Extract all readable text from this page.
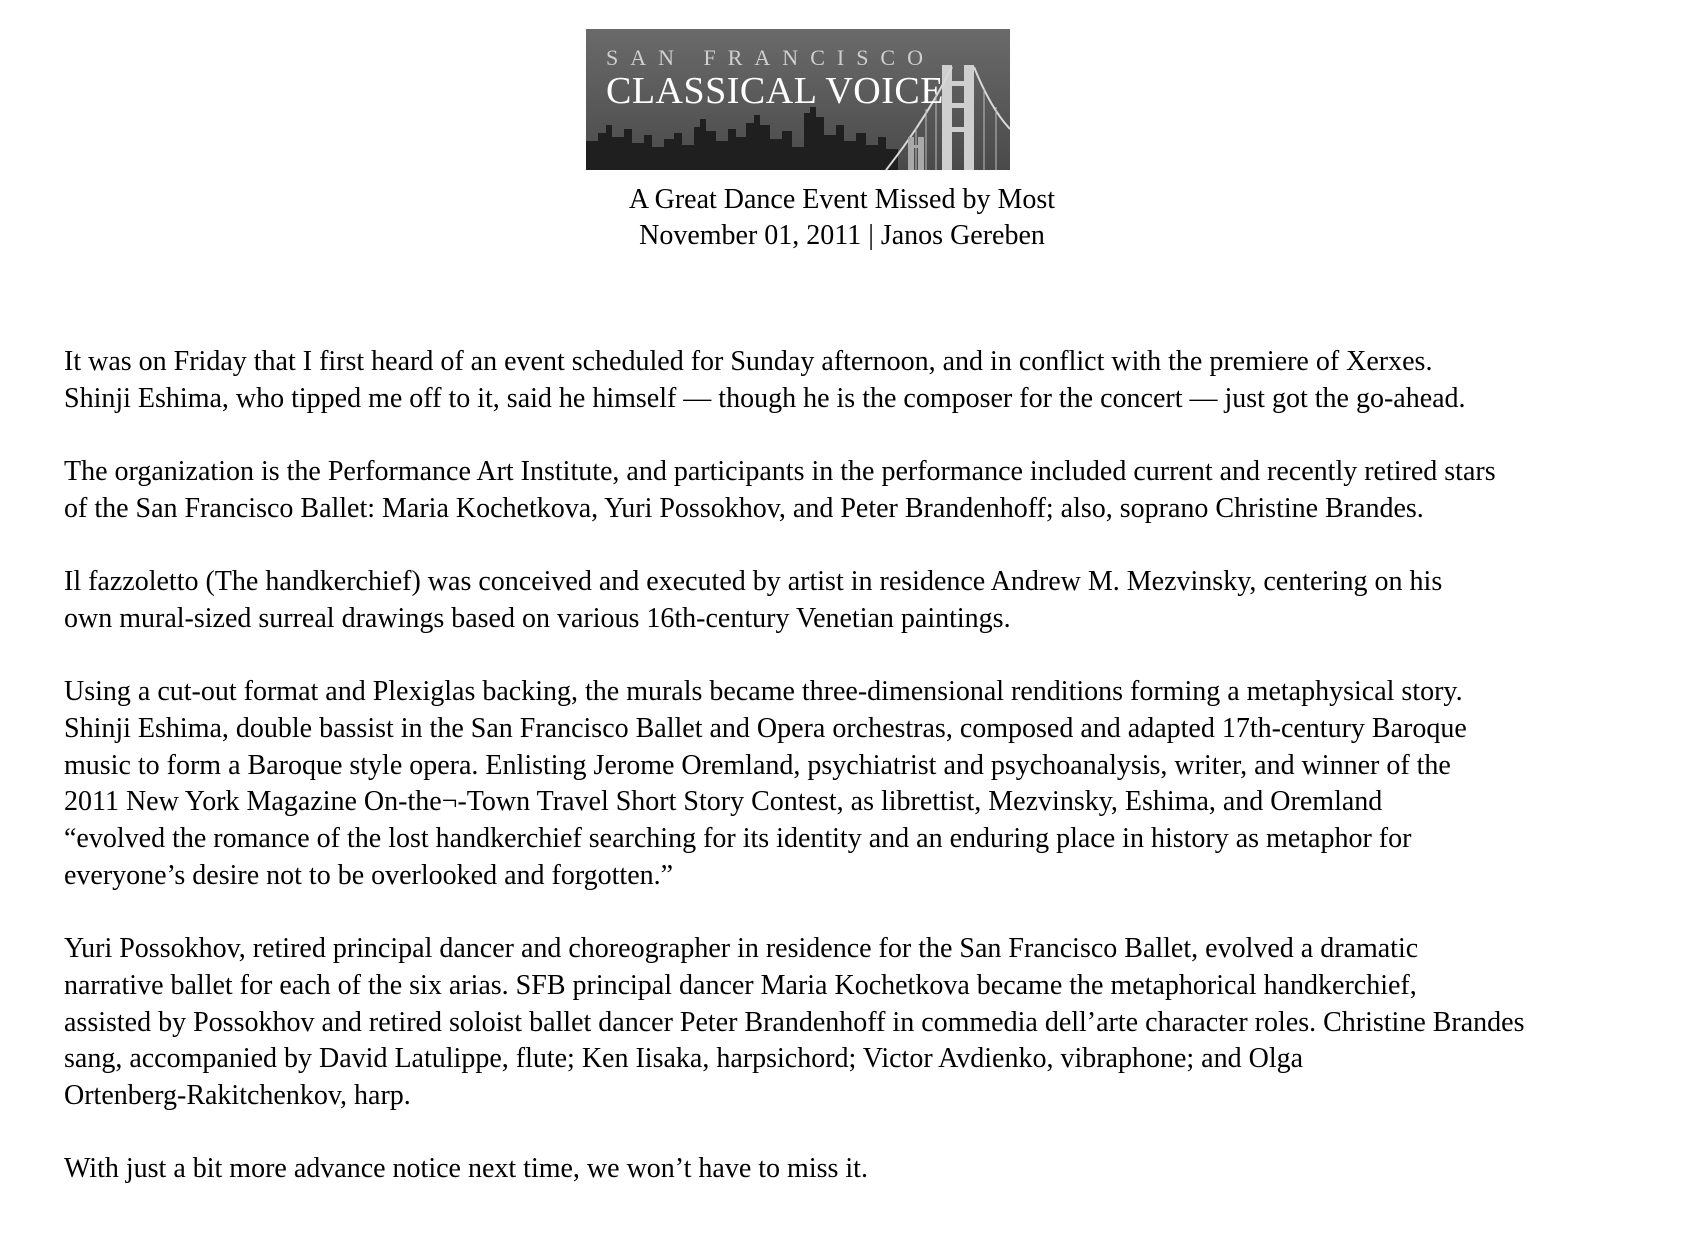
SAN FRANCISCO
CLASSICAL VOICE
A Great Dance Event Missed by Most
November 01, 2011 | Janos Gereben

It was on Friday that I first heard of an event scheduled for Sunday afternoon, and in conflict with the premiere of Xerxes.
Shinji Eshima, who tipped me off to it, said he himself — though he is the composer for the concert — just got the go-ahead.

The organization is the Performance Art Institute, and participants in the performance included current and recently retired stars
of the San Francisco Ballet: Maria Kochetkova, Yuri Possokhov, and Peter Brandenhoff; also, soprano Christine Brandes.

Il fazzoletto (The handkerchief) was conceived and executed by artist in residence Andrew M. Mezvinsky, centering on his
own mural-sized surreal drawings based on various 16th-century Venetian paintings.

Using a cut-out format and Plexiglas backing, the murals became three-dimensional renditions forming a metaphysical story.
Shinji Eshima, double bassist in the San Francisco Ballet and Opera orchestras, composed and adapted 17th-century Baroque
music to form a Baroque style opera. Enlisting Jerome Oremland, psychiatrist and psychoanalysis, writer, and winner of the
2011 New York Magazine On-the¬-Town Travel Short Story Contest, as librettist, Mezvinsky, Eshima, and Oremland
“evolved the romance of the lost handkerchief searching for its identity and an enduring place in history as metaphor for
everyone’s desire not to be overlooked and forgotten.”

Yuri Possokhov, retired principal dancer and choreographer in residence for the San Francisco Ballet, evolved a dramatic
narrative ballet for each of the six arias. SFB principal dancer Maria Kochetkova became the metaphorical handkerchief,
assisted by Possokhov and retired soloist ballet dancer Peter Brandenhoff in commedia dell’arte character roles. Christine Brandes
sang, accompanied by David Latulippe, flute; Ken Iisaka, harpsichord; Victor Avdienko, vibraphone; and Olga
Ortenberg-Rakitchenkov, harp.

With just a bit more advance notice next time, we won’t have to miss it.
